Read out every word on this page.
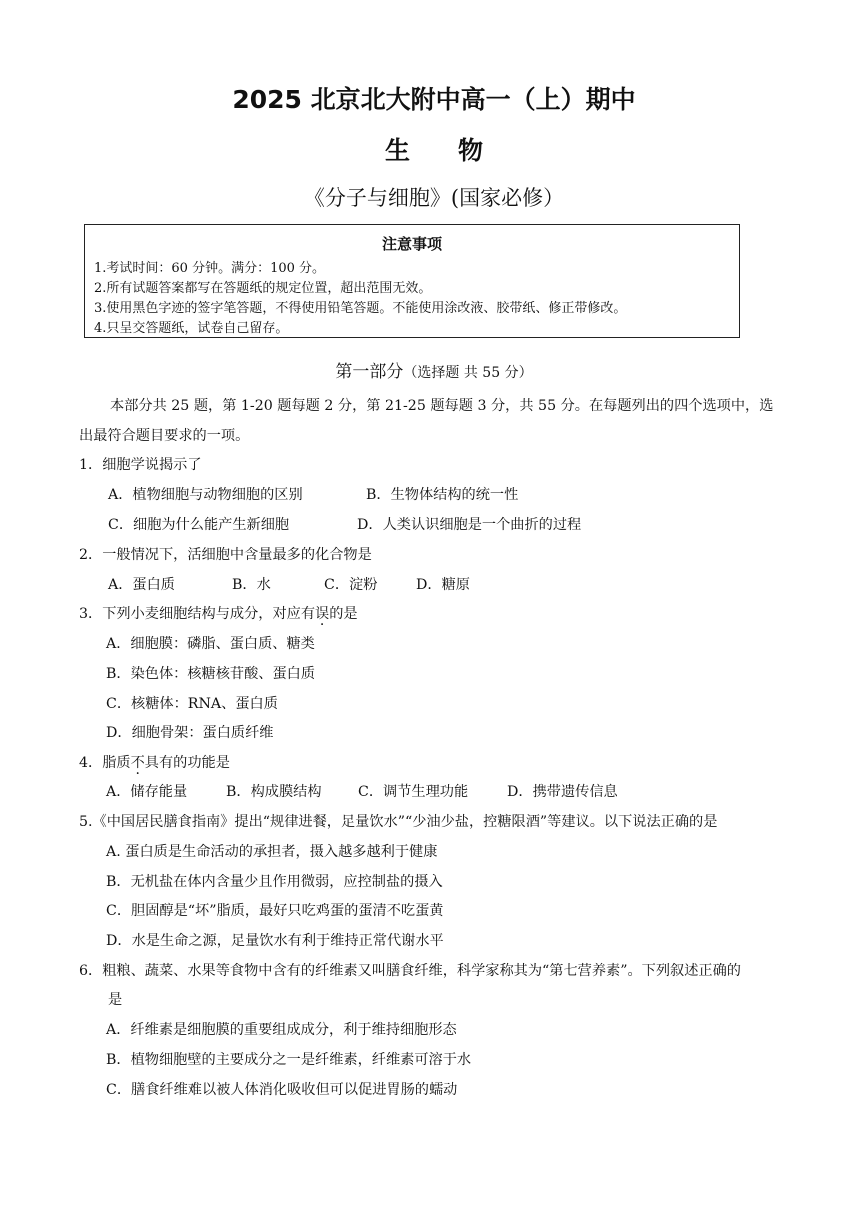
2025 北京北大附中高一（上）期中
生物
《分子与细胞》(国家必修）
注意事项
1.考试时间：60 分钟。满分：100 分。
2.所有试题答案都写在答题纸的规定位置，超出范围无效。
3.使用黑色字迹的签字笔答题，不得使用铅笔答题。不能使用涂改液、胶带纸、修正带修改。
4.只呈交答题纸，试卷自己留存。
第一部分（选择题 共 55 分）
本部分共 25 题，第 1-20 题每题 2 分，第 21-25 题每题 3 分，共 55 分。在每题列出的四个选项中，选
出最符合题目要求的一项。
1．细胞学说揭示了
A．植物细胞与动物细胞的区别	B．生物体结构的统一性
C．细胞为什么能产生新细胞	D．人类认识细胞是一个曲折的过程
2．一般情况下，活细胞中含量最多的化合物是
A．蛋白质	B．水	C．淀粉	D．糖原
3．下列小麦细胞结构与成分，对应有误的是
A．细胞膜：磷脂、蛋白质、糖类
B．染色体：核糖核苷酸、蛋白质
C．核糖体：RNA、蛋白质
D．细胞骨架：蛋白质纤维
4．脂质不具有的功能是
A．储存能量	B．构成膜结构	C．调节生理功能	D．携带遗传信息
5.《中国居民膳食指南》提出“规律进餐，足量饮水”“少油少盐，控糖限酒”等建议。以下说法正确的是
A. 蛋白质是生命活动的承担者，摄入越多越利于健康
B．无机盐在体内含量少且作用微弱，应控制盐的摄入
C．胆固醇是“坏”脂质，最好只吃鸡蛋的蛋清不吃蛋黄
D．水是生命之源，足量饮水有利于维持正常代谢水平
6．粗粮、蔬菜、水果等食物中含有的纤维素又叫膳食纤维，科学家称其为“第七营养素”。下列叙述正确的
是
A．纤维素是细胞膜的重要组成成分，利于维持细胞形态
B．植物细胞壁的主要成分之一是纤维素，纤维素可溶于水
C．膳食纤维难以被人体消化吸收但可以促进胃肠的蠕动
